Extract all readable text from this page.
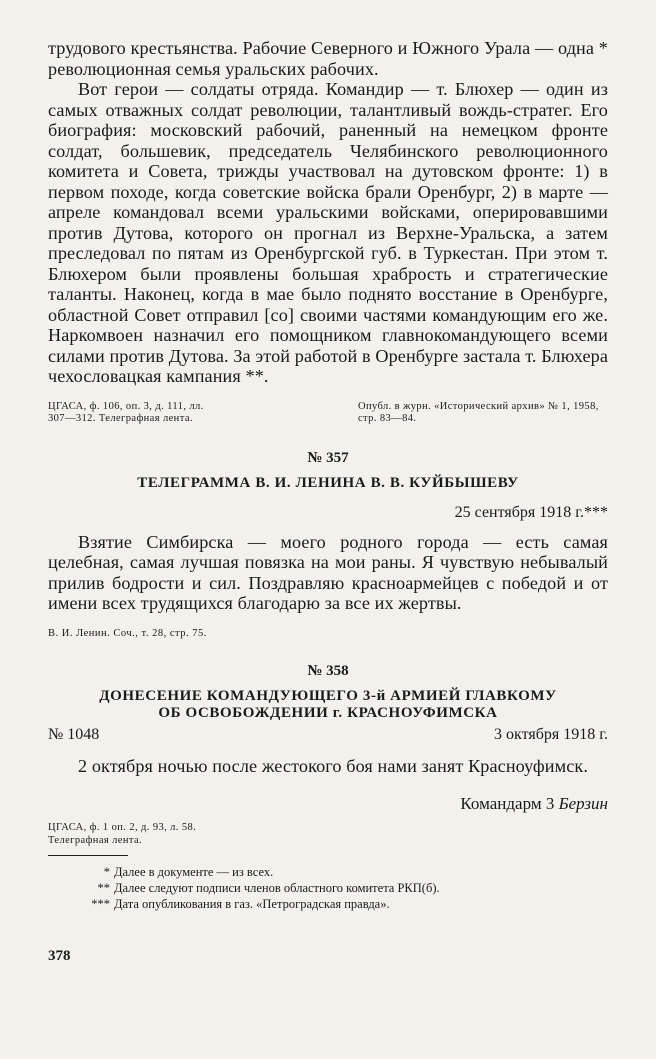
трудового крестьянства. Рабочие Северного и Южного Урала — одна * революционная семья уральских рабочих.

Вот герои — солдаты отряда. Командир — т. Блюхер — один из самых отважных солдат революции, талантливый вождь-стратег. Его биография: московский рабочий, раненный на немецком фронте солдат, большевик, председатель Челябинского революционного комитета и Совета, трижды участвовал на дутовском фронте: 1) в первом походе, когда советские войска брали Оренбург, 2) в марте — апреле командовал всеми уральскими войсками, оперировавшими против Дутова, которого он прогнал из Верхне-Уральска, а затем преследовал по пятам из Оренбургской губ. в Туркестан. При этом т. Блюхером были проявлены большая храбрость и стратегические таланты. Наконец, когда в мае было поднято восстание в Оренбурге, областной Совет отправил [со] своими частями командующим его же. Наркомвоен назначил его помощником главнокомандующего всеми силами против Дутова. За этой работой в Оренбурге застала т. Блюхера чехословацкая кампания **.

ЦГАСА, ф. 106, оп. 3, д. 111, лл.
307—312. Телеграфная лента.
Опубл. в журн. «Исторический архив» № 1, 1958, стр. 83—84.
№ 357
ТЕЛЕГРАММА В. И. ЛЕНИНА В. В. КУЙБЫШЕВУ
25 сентября 1918 г.***

Взятие Симбирска — моего родного города — есть самая целебная, самая лучшая повязка на мои раны. Я чувствую небывалый прилив бодрости и сил. Поздравляю красноармейцев с победой и от имени всех трудящихся благодарю за все их жертвы.

В. И. Ленин. Соч., т. 28, стр. 75.
№ 358
ДОНЕСЕНИЕ КОМАНДУЮЩЕГО 3-й АРМИЕЙ ГЛАВКОМУ
ОБ ОСВОБОЖДЕНИИ г. КРАСНОУФИМСКА
№ 1048	3 октября 1918 г.

2 октября ночью после жестокого боя нами занят Красноуфимск.

Командарм 3 Берзин
ЦГАСА, ф. 1 оп. 2, д. 93, л. 58.
Телеграфная лента.
* Далее в документе — из всех.
** Далее следуют подписи членов областного комитета РКП(б).
*** Дата опубликования в газ. «Петроградская правда».
378
